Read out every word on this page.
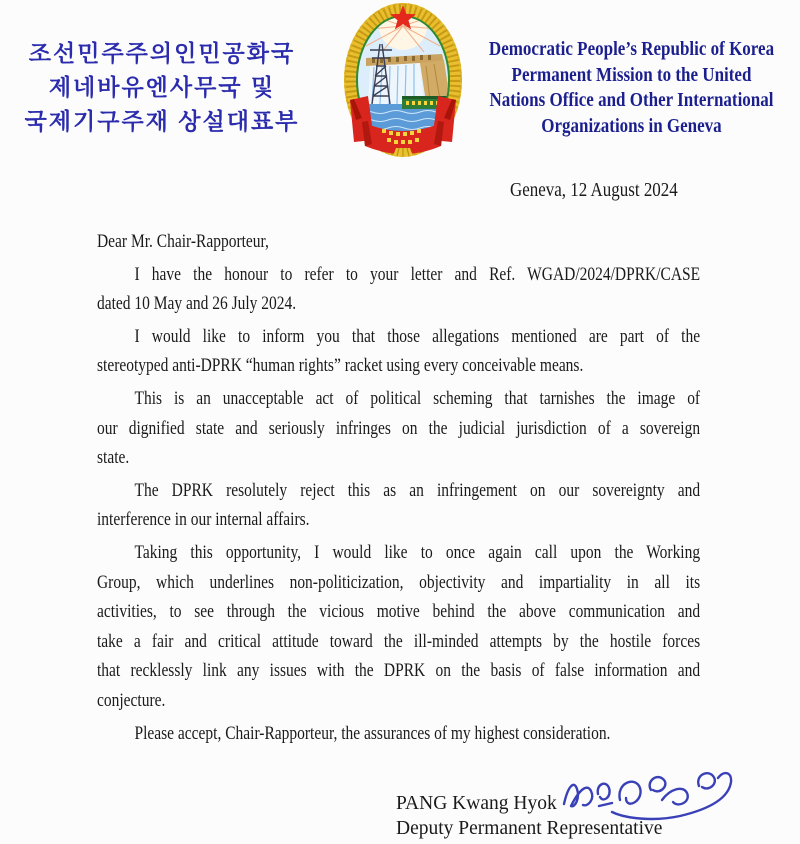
조선민주주의인민공화국
제네바유엔사무국 및
국제기구주재 상설대표부
Democratic People’s Republic of Korea
Permanent Mission to the United
Nations Office and Other International
Organizations in Geneva
Geneva, 12 August 2024
Dear Mr. Chair-Rapporteur,
I have the honour to refer to your letter and Ref. WGAD/2024/DPRK/CASE
dated 10 May and 26 July 2024.
I would like to inform you that those allegations mentioned are part of the
stereotyped anti-DPRK “human rights” racket using every conceivable means.
This is an unacceptable act of political scheming that tarnishes the image of
our dignified state and seriously infringes on the judicial jurisdiction of a sovereign
state.
The DPRK resolutely reject this as an infringement on our sovereignty and
interference in our internal affairs.
Taking this opportunity, I would like to once again call upon the Working
Group, which underlines non-politicization, objectivity and impartiality in all its
activities, to see through the vicious motive behind the above communication and
take a fair and critical attitude toward the ill-minded attempts by the hostile forces
that recklessly link any issues with the DPRK on the basis of false information and
conjecture.
Please accept, Chair-Rapporteur, the assurances of my highest consideration.
PANG Kwang Hyok
Deputy Permanent Representative
